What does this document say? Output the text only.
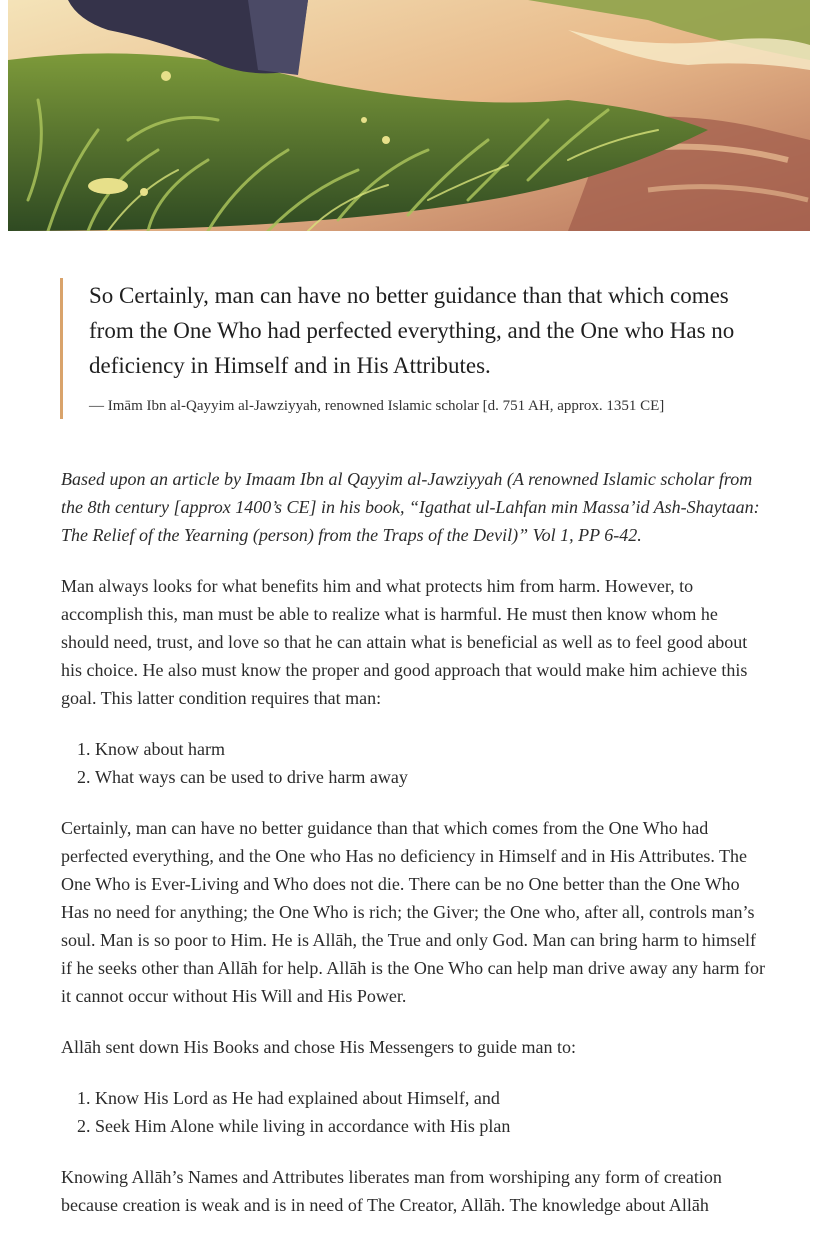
So Certainly, man can have no better guidance than that which comes from the One Who had perfected everything, and the One who Has no deficiency in Himself and in His Attributes.

— Imām Ibn al-Qayyim al-Jawziyyah, renowned Islamic scholar [d. 751 AH, approx. 1351 CE]

Based upon an article by Imaam Ibn al Qayyim al-Jawziyyah (A renowned Islamic scholar from the 8th century [approx 1400’s CE] in his book, “Igathat ul-Lahfan min Massa’id Ash-Shaytaan: The Relief of the Yearning (person) from the Traps of the Devil)” Vol 1, PP 6-42.

Man always looks for what benefits him and what protects him from harm. However, to accomplish this, man must be able to realize what is harmful. He must then know whom he should need, trust, and love so that he can attain what is beneficial as well as to feel good about his choice. He also must know the proper and good approach that would make him achieve this goal. This latter condition requires that man:

1. Know about harm
2. What ways can be used to drive harm away

Certainly, man can have no better guidance than that which comes from the One Who had perfected everything, and the One who Has no deficiency in Himself and in His Attributes. The One Who is Ever-Living and Who does not die. There can be no One better than the One Who Has no need for anything; the One Who is rich; the Giver; the One who, after all, controls man’s soul. Man is so poor to Him. He is Allāh, the True and only God. Man can bring harm to himself if he seeks other than Allāh for help. Allāh is the One Who can help man drive away any harm for it cannot occur without His Will and His Power.

Allāh sent down His Books and chose His Messengers to guide man to:

1. Know His Lord as He had explained about Himself, and
2. Seek Him Alone while living in accordance with His plan

Knowing Allāh’s Names and Attributes liberates man from worshiping any form of creation because creation is weak and is in need of The Creator, Allāh. The knowledge about Allāh
